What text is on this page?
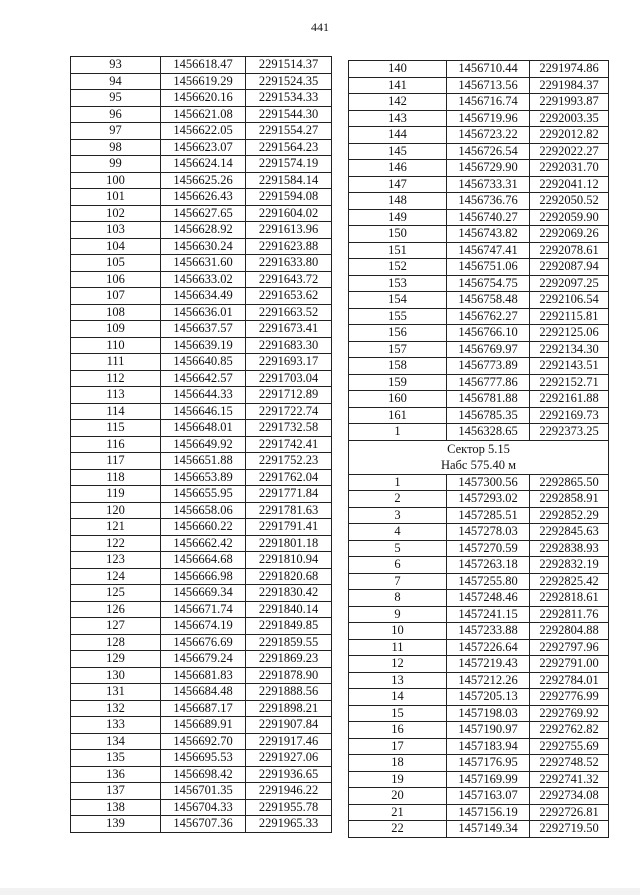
441
93	1456618.47	2291514.37
94	1456619.29	2291524.35
95	1456620.16	2291534.33
96	1456621.08	2291544.30
97	1456622.05	2291554.27
98	1456623.07	2291564.23
99	1456624.14	2291574.19
100	1456625.26	2291584.14
101	1456626.43	2291594.08
102	1456627.65	2291604.02
103	1456628.92	2291613.96
104	1456630.24	2291623.88
105	1456631.60	2291633.80
106	1456633.02	2291643.72
107	1456634.49	2291653.62
108	1456636.01	2291663.52
109	1456637.57	2291673.41
110	1456639.19	2291683.30
111	1456640.85	2291693.17
112	1456642.57	2291703.04
113	1456644.33	2291712.89
114	1456646.15	2291722.74
115	1456648.01	2291732.58
116	1456649.92	2291742.41
117	1456651.88	2291752.23
118	1456653.89	2291762.04
119	1456655.95	2291771.84
120	1456658.06	2291781.63
121	1456660.22	2291791.41
122	1456662.42	2291801.18
123	1456664.68	2291810.94
124	1456666.98	2291820.68
125	1456669.34	2291830.42
126	1456671.74	2291840.14
127	1456674.19	2291849.85
128	1456676.69	2291859.55
129	1456679.24	2291869.23
130	1456681.83	2291878.90
131	1456684.48	2291888.56
132	1456687.17	2291898.21
133	1456689.91	2291907.84
134	1456692.70	2291917.46
135	1456695.53	2291927.06
136	1456698.42	2291936.65
137	1456701.35	2291946.22
138	1456704.33	2291955.78
139	1456707.36	2291965.33
140	1456710.44	2291974.86
141	1456713.56	2291984.37
142	1456716.74	2291993.87
143	1456719.96	2292003.35
144	1456723.22	2292012.82
145	1456726.54	2292022.27
146	1456729.90	2292031.70
147	1456733.31	2292041.12
148	1456736.76	2292050.52
149	1456740.27	2292059.90
150	1456743.82	2292069.26
151	1456747.41	2292078.61
152	1456751.06	2292087.94
153	1456754.75	2292097.25
154	1456758.48	2292106.54
155	1456762.27	2292115.81
156	1456766.10	2292125.06
157	1456769.97	2292134.30
158	1456773.89	2292143.51
159	1456777.86	2292152.71
160	1456781.88	2292161.88
161	1456785.35	2292169.73
1	1456328.65	2292373.25

Сектор 5.15
Набс 575.40 м		

1	1457300.56	2292865.50
2	1457293.02	2292858.91
3	1457285.51	2292852.29
4	1457278.03	2292845.63
5	1457270.59	2292838.93
6	1457263.18	2292832.19
7	1457255.80	2292825.42
8	1457248.46	2292818.61
9	1457241.15	2292811.76
10	1457233.88	2292804.88
11	1457226.64	2292797.96
12	1457219.43	2292791.00
13	1457212.26	2292784.01
14	1457205.13	2292776.99
15	1457198.03	2292769.92
16	1457190.97	2292762.82
17	1457183.94	2292755.69
18	1457176.95	2292748.52
19	1457169.99	2292741.32
20	1457163.07	2292734.08
21	1457156.19	2292726.81
22	1457149.34	2292719.50
